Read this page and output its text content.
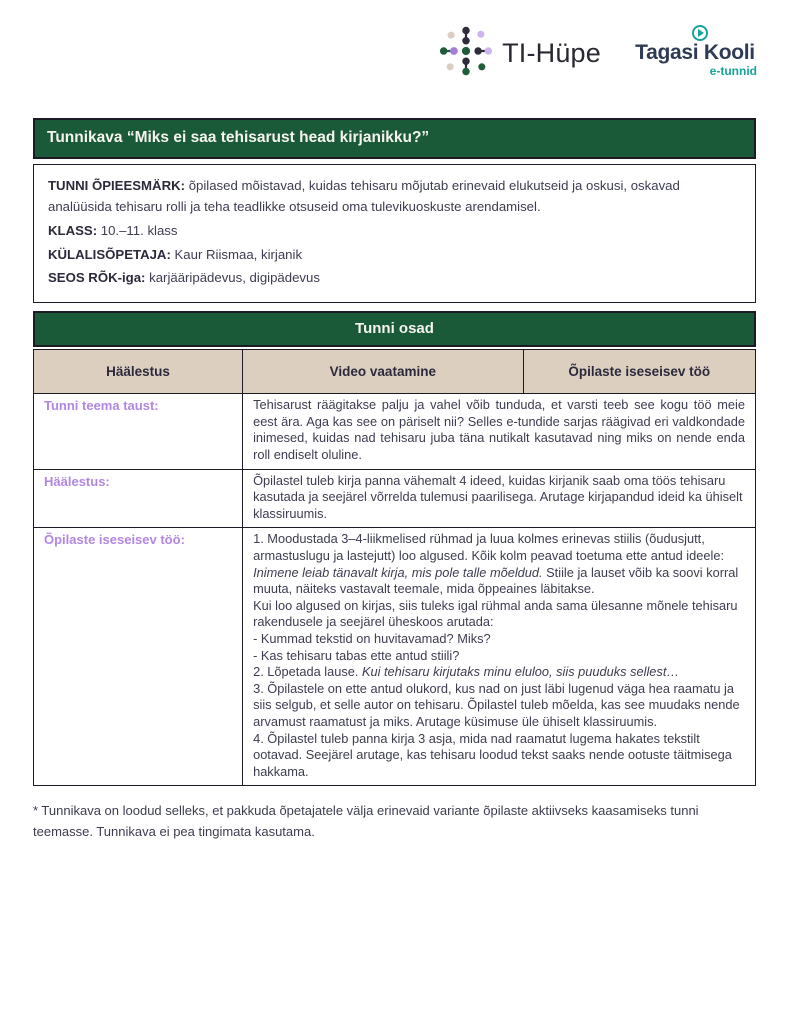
TI-Hüpe Tagasi Kooli
e-tunnid
Tunnikava “Miks ei saa tehisarust head kirjanikku?”

TUNNI ÕPIEESMÄRK: õpilased mõistavad, kuidas tehisaru mõjutab erinevaid elukutseid ja oskusi, oskavad analüüsida tehisaru rolli ja teha teadlikke otsuseid oma tulevikuoskuste arendamisel.

KLASS: 10.–11. klass

KÜLALISÕPETAJA: Kaur Riismaa, kirjanik

SEOS RÕK-iga: karjääripädevus, digipädevus

Tunni osad
Häälestus	Video vaatamine	Õpilaste iseseisev töö
Tunni teema taust:	Tehisarust räägitakse palju ja vahel võib tunduda, et varsti teeb see kogu töö meie eest ära. Aga kas see on päriselt nii? Selles e-tundide sarjas räägivad eri valdkondade inimesed, kuidas nad tehisaru juba täna nutikalt kasutavad ning miks on nende enda roll endiselt oluline.
Häälestus:	Õpilastel tuleb kirja panna vähemalt 4 ideed, kuidas kirjanik saab oma töös tehisaru kasutada ja seejärel võrrelda tulemusi paarilisega. Arutage kirjapandud ideid ka ühiselt klassiruumis.
Õpilaste iseseisev töö:	1. Moodustada 3–4-liikmelised rühmad ja luua kolmes erinevas stiilis (õudusjutt, armastuslugu ja lastejutt) loo algused. Kõik kolm peavad toetuma ette antud ideele: Inimene leiab tänavalt kirja, mis pole talle mõeldud. Stiile ja lauset võib ka soovi korral muuta, näiteks vastavalt teemale, mida õppeaines läbitakse.
Kui loo algused on kirjas, siis tuleks igal rühmal anda sama ülesanne mõnele tehisaru rakendusele ja seejärel üheskoos arutada:
- Kummad tekstid on huvitavamad? Miks?
- Kas tehisaru tabas ette antud stiili?
2. Lõpetada lause. Kui tehisaru kirjutaks minu eluloo, siis puuduks sellest…
3. Õpilastele on ette antud olukord, kus nad on just läbi lugenud väga hea raamatu ja siis selgub, et selle autor on tehisaru. Õpilastel tuleb mõelda, kas see muudaks nende arvamust raamatust ja miks. Arutage küsimuse üle ühiselt klassiruumis.
4. Õpilastel tuleb panna kirja 3 asja, mida nad raamatut lugema hakates tekstilt ootavad. Seejärel arutage, kas tehisaru loodud tekst saaks nende ootuste täitmisega hakkama.

* Tunnikava on loodud selleks, et pakkuda õpetajatele välja erinevaid variante õpilaste aktiivseks kaasamiseks tunni teemasse. Tunnikava ei pea tingimata kasutama.
